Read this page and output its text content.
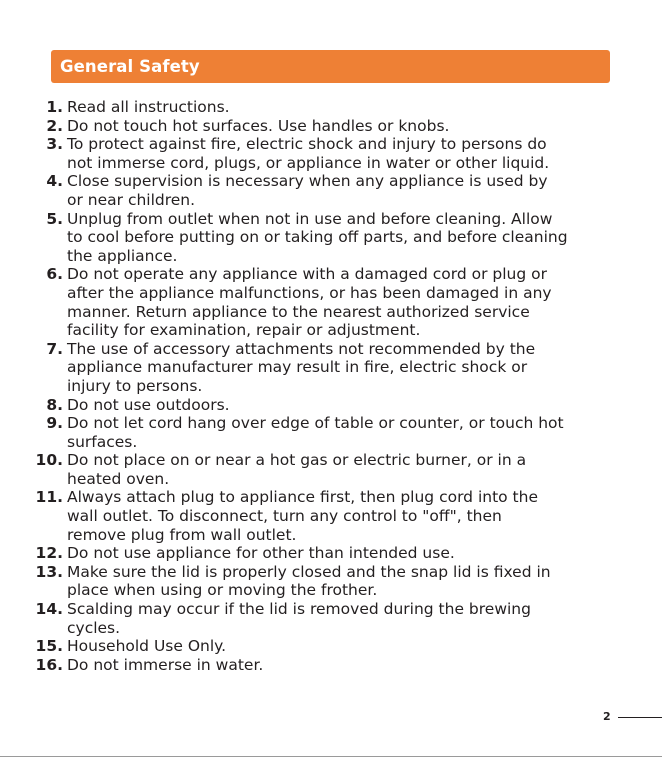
General Safety
1. Read all instructions.
2. Do not touch hot surfaces. Use handles or knobs.
3. To protect against fire, electric shock and injury to persons do
not immerse cord, plugs, or appliance in water or other liquid.
4. Close supervision is necessary when any appliance is used by
or near children.
5. Unplug from outlet when not in use and before cleaning. Allow
to cool before putting on or taking off parts, and before cleaning
the appliance.
6. Do not operate any appliance with a damaged cord or plug or
after the appliance malfunctions, or has been damaged in any
manner. Return appliance to the nearest authorized service
facility for examination, repair or adjustment.
7. The use of accessory attachments not recommended by the
appliance manufacturer may result in fire, electric shock or
injury to persons.
8. Do not use outdoors.
9. Do not let cord hang over edge of table or counter, or touch hot
surfaces.
10. Do not place on or near a hot gas or electric burner, or in a
heated oven.
11. Always attach plug to appliance first, then plug cord into the
wall outlet. To disconnect, turn any control to "off", then
remove plug from wall outlet.
12. Do not use appliance for other than intended use.
13. Make sure the lid is properly closed and the snap lid is fixed in
place when using or moving the frother.
14. Scalding may occur if the lid is removed during the brewing
cycles.
15. Household Use Only.
16. Do not immerse in water.
2
